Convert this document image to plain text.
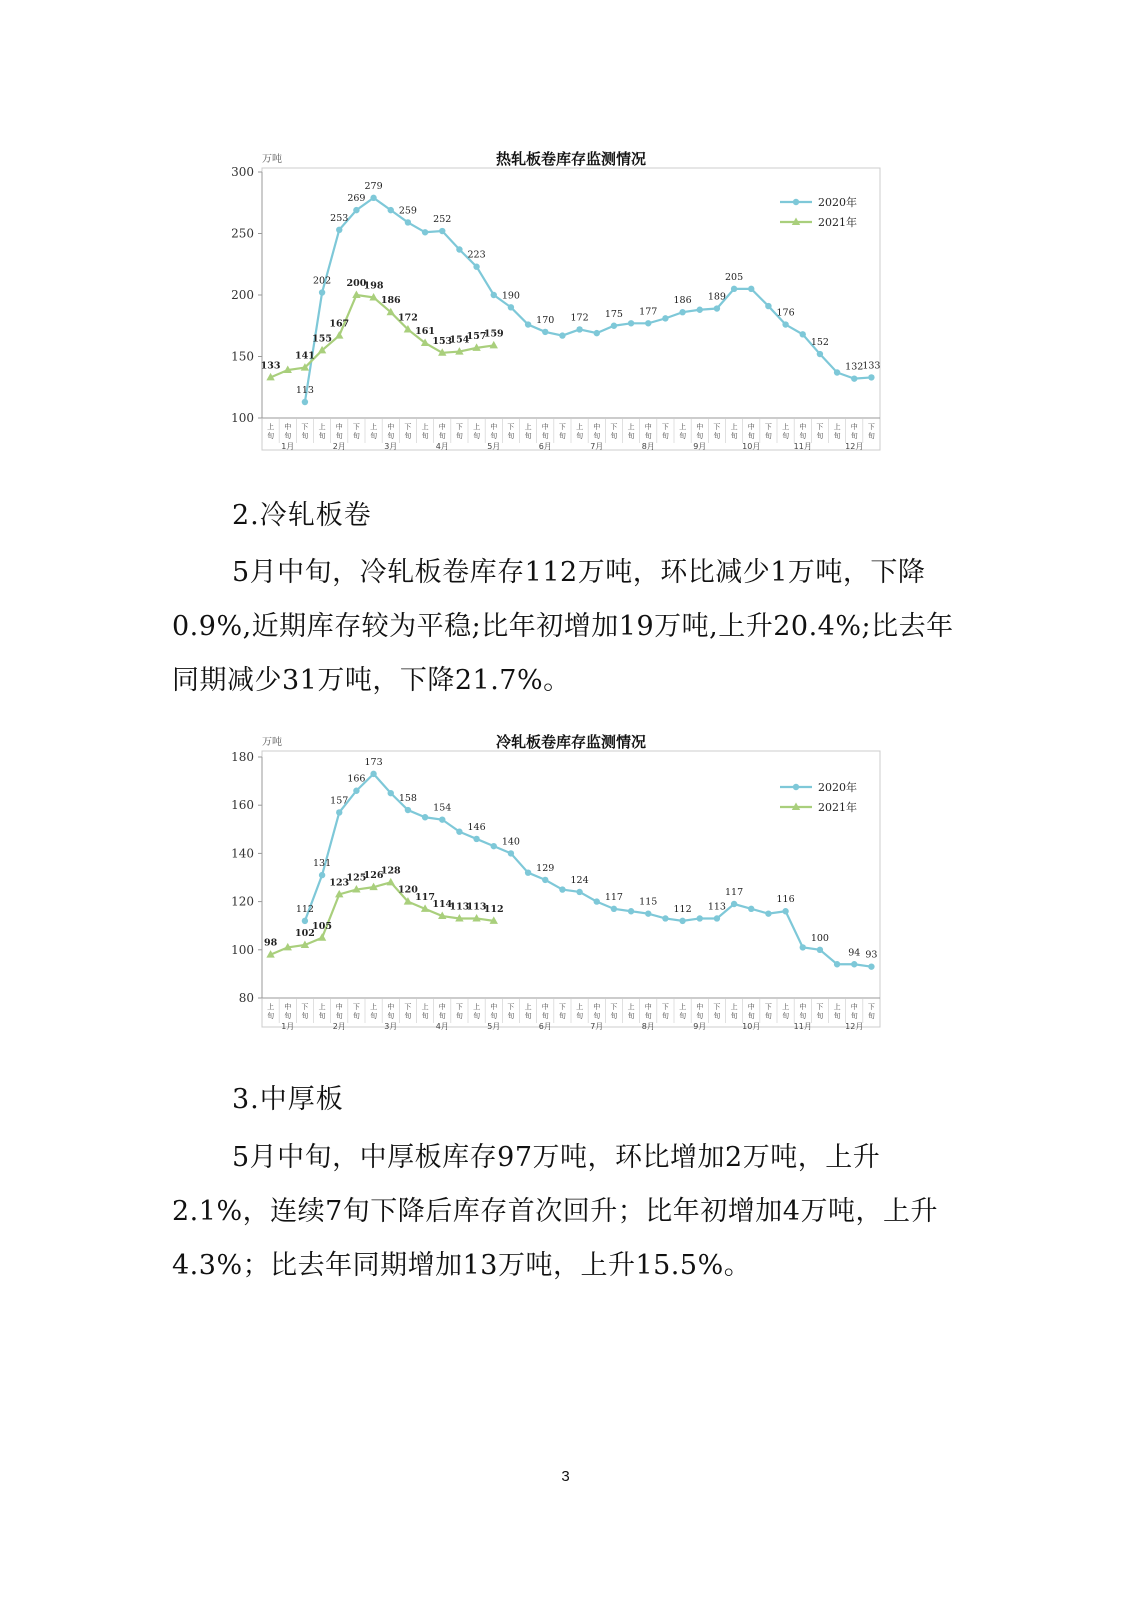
热轧板卷库存监测情况
万吨
100
150
200
250
300
上
旬
中
旬
下
旬
上
旬
中
旬
下
旬
上
旬
中
旬
下
旬
上
旬
中
旬
下
旬
上
旬
中
旬
下
旬
上
旬
中
旬
下
旬
上
旬
中
旬
下
旬
上
旬
中
旬
下
旬
上
旬
中
旬
下
旬
上
旬
中
旬
下
旬
上
旬
中
旬
下
旬
上
旬
中
旬
下
旬
1月	2月	3月	4月	5月	6月	7月	8月	9月	10月	11月	12月
113
202
253
269
279
259
252
223
190
170 172 175 177
186 189
205
176
152
132 133
133
141
155
167
200
198
186
172
161
153
154
157
159
2020年
2021年
2.冷轧板卷
5月中旬，冷轧板卷库存112万吨，环比减少1万吨，下降0.9%,近期库存较为平稳;比年初增加19万吨,上升20.4%;比去年同期减少31万吨，下降21.7%。
冷轧板卷库存监测情况
万吨
80
100
120
140
160
180
上
旬
中
旬
下
旬
上
旬
中
旬
下
旬
上
旬
中
旬
下
旬
上
旬
中
旬
下
旬
上
旬
中
旬
下
旬
上
旬
中
旬
下
旬
上
旬
中
旬
下
旬
上
旬
中
旬
下
旬
上
旬
中
旬
下
旬
上
旬
中
旬
下
旬
上
旬
中
旬
下
旬
上
旬
中
旬
下
旬
1月	2月	3月	4月	5月	6月	7月	8月	9月	10月	11月	12月
112
131
157
166
173
158
154
146
140
129
124
117 115
112 113
117
116
100
94 93
98
102
105
123
125
126
128
120
117
114
113
113
112
2020年
2021年
3.中厚板
5月中旬，中厚板库存97万吨，环比增加2万吨，上升2.1%，连续7旬下降后库存首次回升；比年初增加4万吨，上升4.3%；比去年同期增加13万吨，上升15.5%。
3
